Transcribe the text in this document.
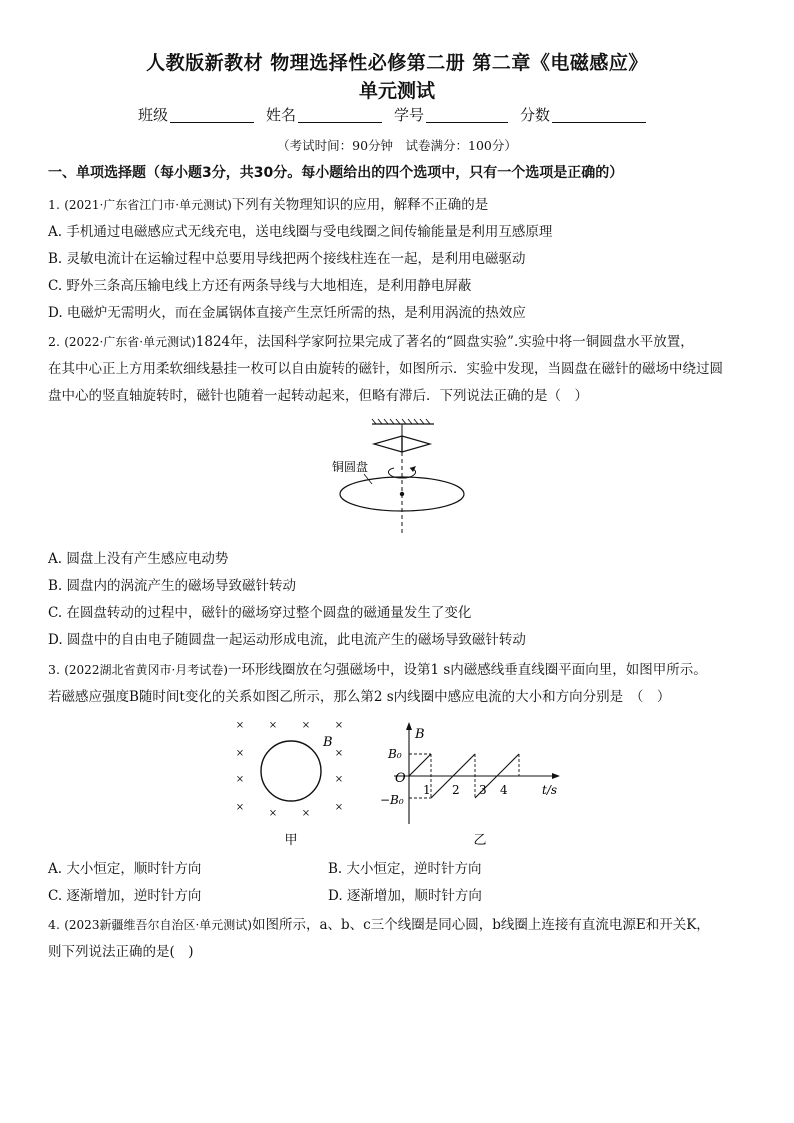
人教版新教材 物理选择性必修第二册 第二章《电磁感应》
单元测试
班级	姓名	学号	分数
（考试时间：90分钟　试卷满分：100分）
一、单项选择题（每小题3分，共30分。每小题给出的四个选项中，只有一个选项是正确的）
1. (2021·广东省江门市·单元测试)下列有关物理知识的应用，解释不正确的是
A. 手机通过电磁感应式无线充电，送电线圈与受电线圈之间传输能量是利用互感原理
B. 灵敏电流计在运输过程中总要用导线把两个接线柱连在一起，是利用电磁驱动
C. 野外三条高压输电线上方还有两条导线与大地相连，是利用静电屏蔽
D. 电磁炉无需明火，而在金属锅体直接产生烹饪所需的热，是利用涡流的热效应
2. (2022·广东省·单元测试)1824年，法国科学家阿拉果完成了著名的“圆盘实验”.实验中将一铜圆盘水平放置，
在其中心正上方用柔软细线悬挂一枚可以自由旋转的磁针，如图所示．实验中发现，当圆盘在磁针的磁场中绕过圆
盘中心的竖直轴旋转时，磁针也随着一起转动起来，但略有滞后．下列说法正确的是（　）
铜圆盘
A. 圆盘上没有产生感应电动势
B. 圆盘内的涡流产生的磁场导致磁针转动
C. 在圆盘转动的过程中，磁针的磁场穿过整个圆盘的磁通量发生了变化
D. 圆盘中的自由电子随圆盘一起运动形成电流，此电流产生的磁场导致磁针转动
3. (2022湖北省黄冈市·月考试卷)一环形线圈放在匀强磁场中，设第1 s内磁感线垂直线圈平面向里，如图甲所示。
若磁感应强度B随时间t变化的关系如图乙所示，那么第2 s内线圈中感应电流的大小和方向分别是　（　）
× × × ×
×	×
×	×
×	×
× ×
B
甲
B
B₀
O
−B₀
1 2 3 4	t/s
乙
A. 大小恒定，顺时针方向	B. 大小恒定，逆时针方向
C. 逐渐增加，逆时针方向	D. 逐渐增加，顺时针方向
4. (2023新疆维吾尔自治区·单元测试)如图所示，a、b、c三个线圈是同心圆，b线圈上连接有直流电源E和开关K，
则下列说法正确的是(　)
